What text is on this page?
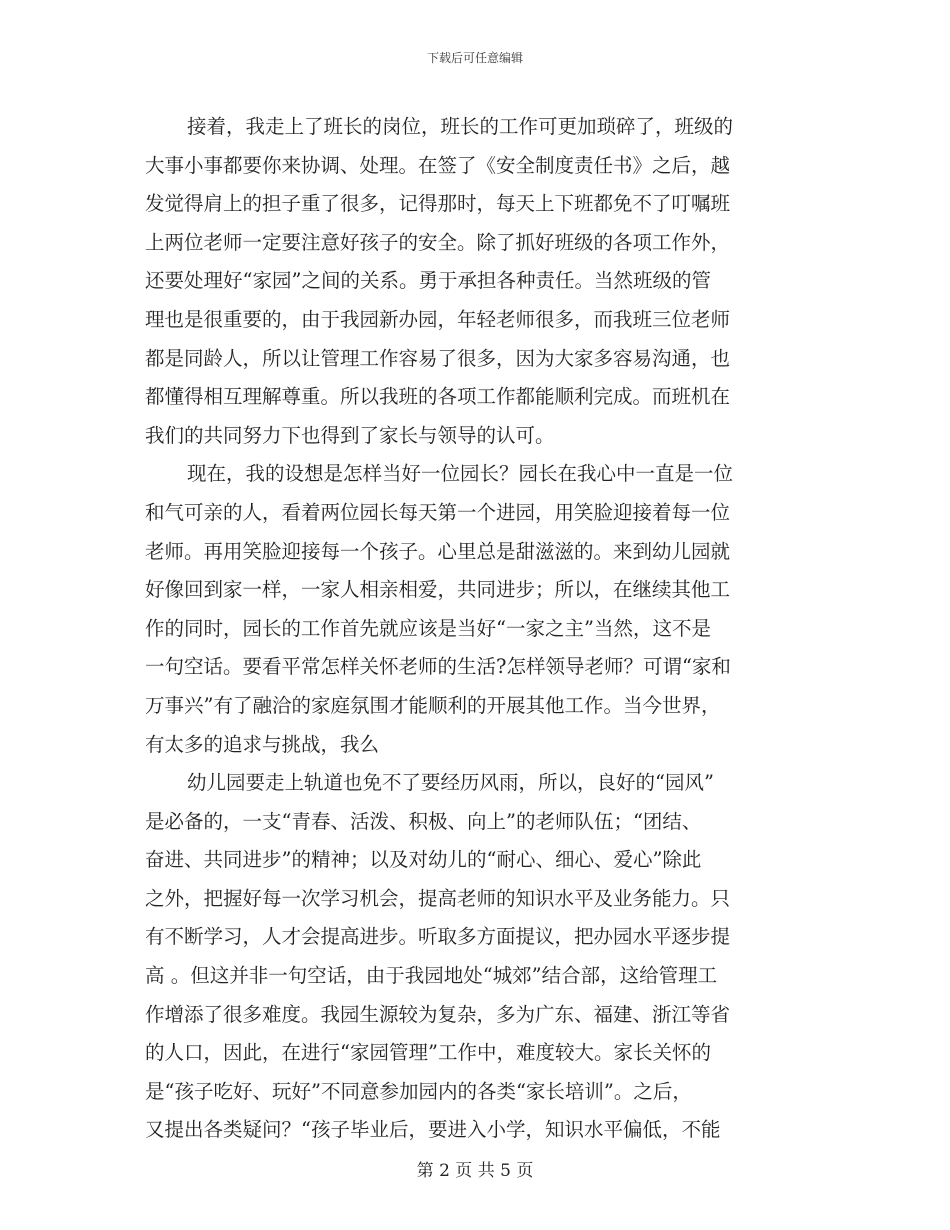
下载后可任意编辑
接着，我走上了班长的岗位，班长的工作可更加琐碎了，班级的
大事小事都要你来协调、处理。在签了《安全制度责任书》之后，越
发觉得肩上的担子重了很多，记得那时，每天上下班都免不了叮嘱班
上两位老师一定要注意好孩子的安全。除了抓好班级的各项工作外，
还要处理好“家园”之间的关系。勇于承担各种责任。当然班级的管
理也是很重要的，由于我园新办园，年轻老师很多，而我班三位老师
都是同龄人，所以让管理工作容易了很多，因为大家多容易沟通，也
都懂得相互理解尊重。所以我班的各项工作都能顺利完成。而班机在
我们的共同努力下也得到了家长与领导的认可。
现在，我的设想是怎样当好一位园长？园长在我心中一直是一位
和气可亲的人，看着两位园长每天第一个进园，用笑脸迎接着每一位
老师。再用笑脸迎接每一个孩子。心里总是甜滋滋的。来到幼儿园就
好像回到家一样，一家人相亲相爱，共同进步；所以，在继续其他工
作的同时，园长的工作首先就应该是当好“一家之主”当然，这不是
一句空话。要看平常怎样关怀老师的生活?怎样领导老师？可谓“家和
万事兴”有了融洽的家庭氛围才能顺利的开展其他工作。当今世界，
有太多的追求与挑战，我么
幼儿园要走上轨道也免不了要经历风雨，所以，良好的“园风”
是必备的，一支“青春、活泼、积极、向上”的老师队伍；“团结、
奋进、共同进步”的精神；以及对幼儿的“耐心、细心、爱心”除此
之外，把握好每一次学习机会，提高老师的知识水平及业务能力。只
有不断学习，人才会提高进步。听取多方面提议，把办园水平逐步提
高 。但这并非一句空话，由于我园地处“城郊”结合部，这给管理工
作增添了很多难度。我园生源较为复杂，多为广东、福建、浙江等省
的人口，因此，在进行“家园管理”工作中，难度较大。家长关怀的
是“孩子吃好、玩好”不同意参加园内的各类“家长培训”。之后，
又提出各类疑问？“孩子毕业后，要进入小学，知识水平偏低，不能
第 2 页 共 5 页
